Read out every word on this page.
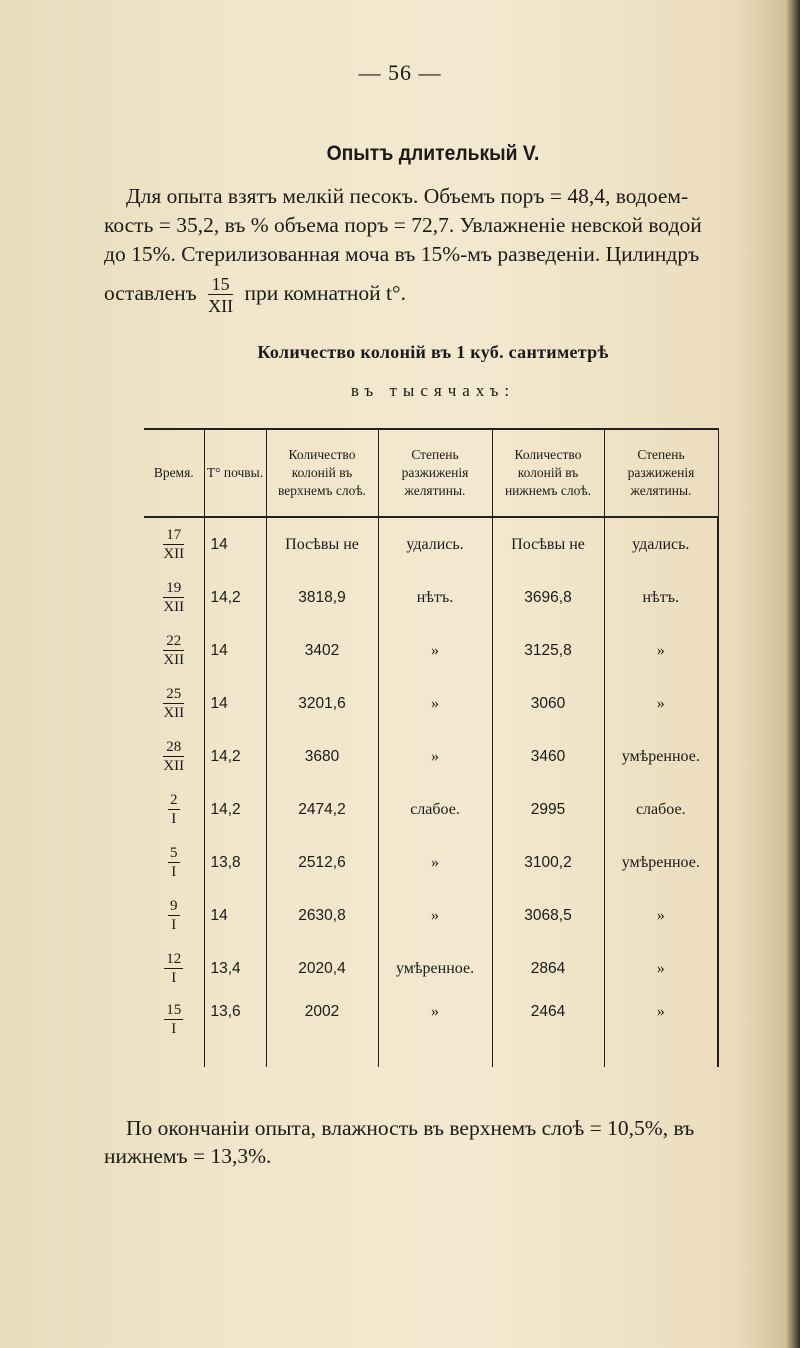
— 56 —
Опытъ длителькый V.

Для опыта взятъ мелкій песокъ. Объемъ поръ = 48,4, водоем-
кость = 35,2, въ % объема поръ = 72,7. Увлажненіе невской водой
до 15%. Стерилизованная моча въ 15%-мъ разведеніи. Цилиндръ
оставленъ $\frac{15}{\text{XII}}$ при комнатной t°.

Количество колоній въ 1 куб. сантиметрѣ
въ тысячахъ:
Время.	T° почвы.	Количество колоній въ верхнемъ слоѣ.	Степень разжиженія желятины.	Количество колоній въ нижнемъ слоѣ.	Степень разжиженія желятины.

$\frac{17}{\text{XII}}$	14	Посѣвы не	удались.	Посѣвы не	удались.

$\frac{19}{\text{XII}}$	14,2	3818,9	нѣтъ.	3696,8	нѣтъ.

$\frac{22}{\text{XII}}$	14	3402	»	3125,8	»

$\frac{25}{\text{XII}}$	14	3201,6	»	3060	»

$\frac{28}{\text{XII}}$	14,2	3680	»	3460	умѣренное.

$\frac{2}{I}$	14,2	2474,2	слабое.	2995	слабое.

$\frac{5}{I}$	13,8	2512,6	»	3100,2	умѣренное.

$\frac{9}{I}$	14	2630,8	»	3068,5	»

$\frac{12}{I}$	13,4	2020,4	умѣренное.	2864	»

$\frac{15}{I}$	13,6	2002	»	2464	»

По окончаніи опыта, влажность въ верхнемъ слоѣ = 10,5%, въ
нижнемъ = 13,3%.
